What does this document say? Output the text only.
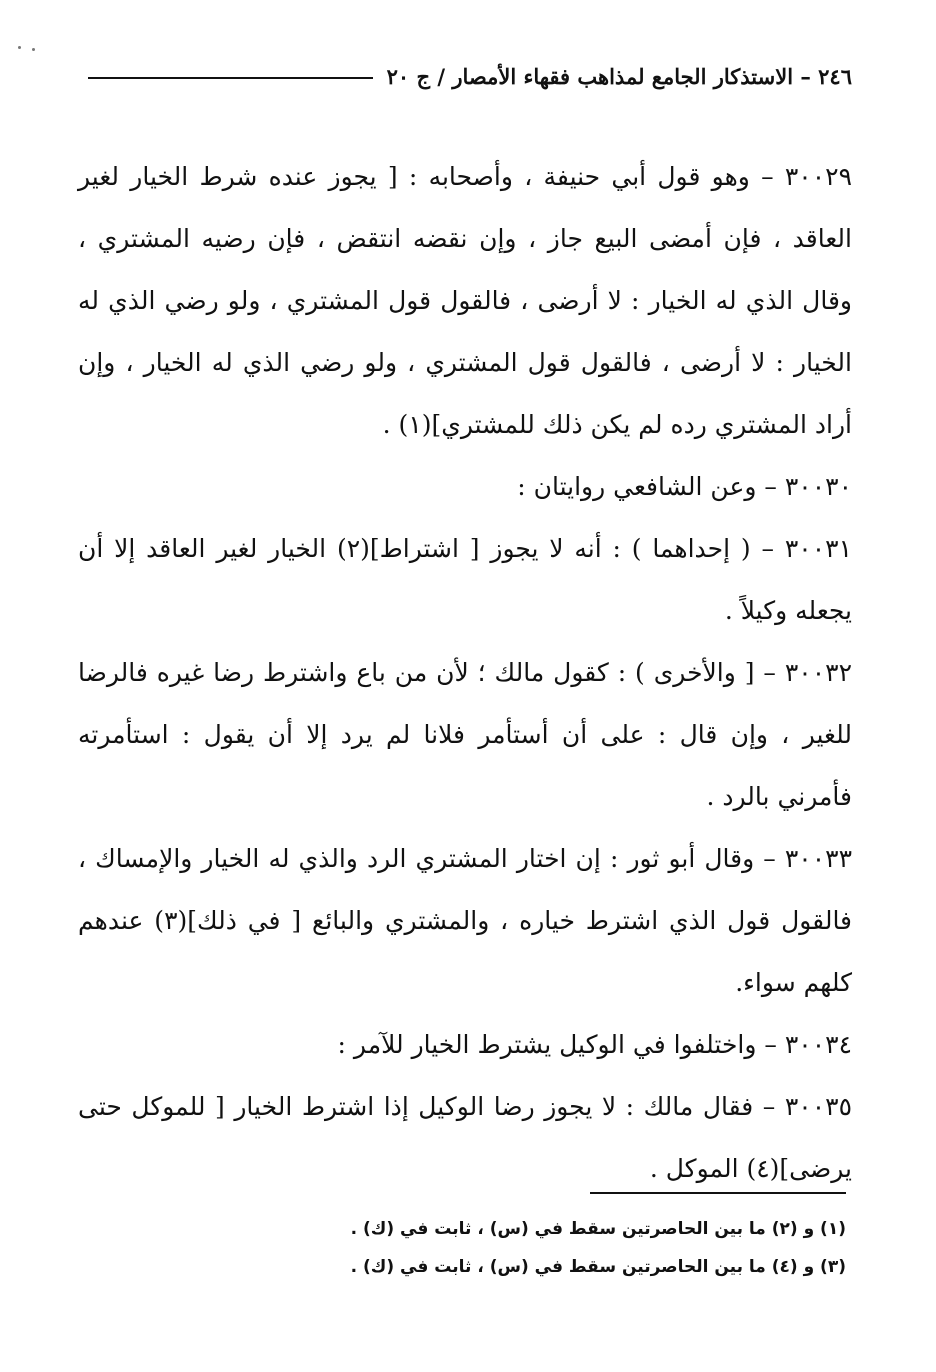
٢٤٦ – الاستذكار الجامع لمذاهب فقهاء الأمصار / ج ٢٠

٣٠٠٢٩ – وهو قول أبي حنيفة ، وأصحابه : [ يجوز عنده شرط الخيار لغير العاقد ، فإن أمضى البيع جاز ، وإن نقضه انتقض ، فإن رضيه المشتري ، وقال الذي له الخيار : لا أرضى ، فالقول قول المشتري ، ولو رضي الذي له الخيار : لا أرضى ، فالقول قول المشتري ، ولو رضي الذي له الخيار ، وإن أراد المشتري رده لم يكن ذلك للمشتري](١) .

٣٠٠٣٠ – وعن الشافعي روايتان :

٣٠٠٣١ – ( إحداهما ) : أنه لا يجوز [ اشتراط](٢) الخيار لغير العاقد إلا أن يجعله وكيلاً .

٣٠٠٣٢ – [ والأخرى ) : كقول مالك ؛ لأن من باع واشترط رضا غيره فالرضا للغير ، وإن قال : على أن أستأمر فلانا لم يرد إلا أن يقول : استأمرته فأمرني بالرد .

٣٠٠٣٣ – وقال أبو ثور : إن اختار المشتري الرد والذي له الخيار والإمساك ، فالقول قول الذي اشترط خياره ، والمشتري والبائع [ في ذلك](٣) عندهم كلهم سواء.

٣٠٠٣٤ – واختلفوا في الوكيل يشترط الخيار للآمر :

٣٠٠٣٥ – فقال مالك : لا يجوز رضا الوكيل إذا اشترط الخيار [ للموكل حتى يرضى](٤) الموكل .

(١) و (٢) ما بين الحاصرتين سقط في (س) ، ثابت في (ك) .

(٣) و (٤) ما بين الحاصرتين سقط في (س) ، ثابت في (ك) .
